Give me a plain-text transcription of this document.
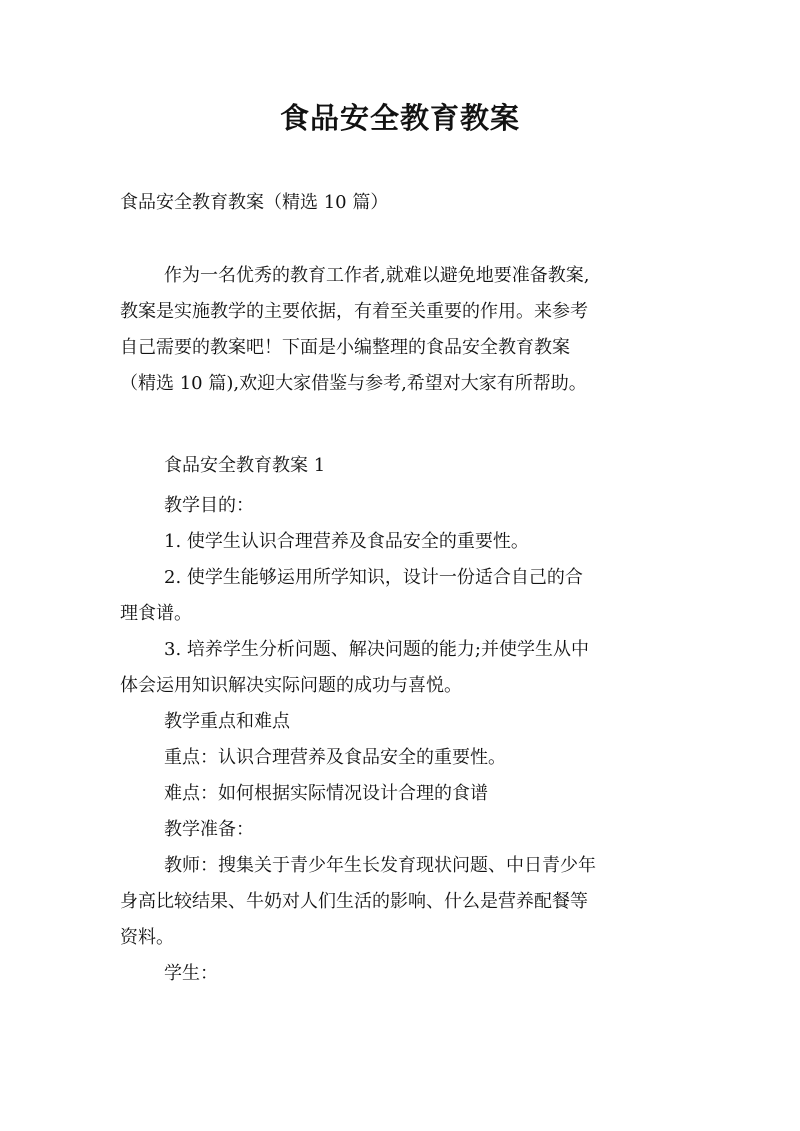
食品安全教育教案
食品安全教育教案（精选 10 篇）
作为一名优秀的教育工作者,就难以避免地要准备教案,
教案是实施教学的主要依据，有着至关重要的作用。来参考
自己需要的教案吧！下面是小编整理的食品安全教育教案
（精选 10 篇),欢迎大家借鉴与参考,希望对大家有所帮助。
食品安全教育教案 1
教学目的：
1. 使学生认识合理营养及食品安全的重要性。
2. 使学生能够运用所学知识，设计一份适合自己的合
理食谱。
3. 培养学生分析问题、解决问题的能力;并使学生从中
体会运用知识解决实际问题的成功与喜悦。
教学重点和难点
重点：认识合理营养及食品安全的重要性。
难点：如何根据实际情况设计合理的食谱
教学准备：
教师：搜集关于青少年生长发育现状问题、中日青少年
身高比较结果、牛奶对人们生活的影响、什么是营养配餐等
资料。
学生：
